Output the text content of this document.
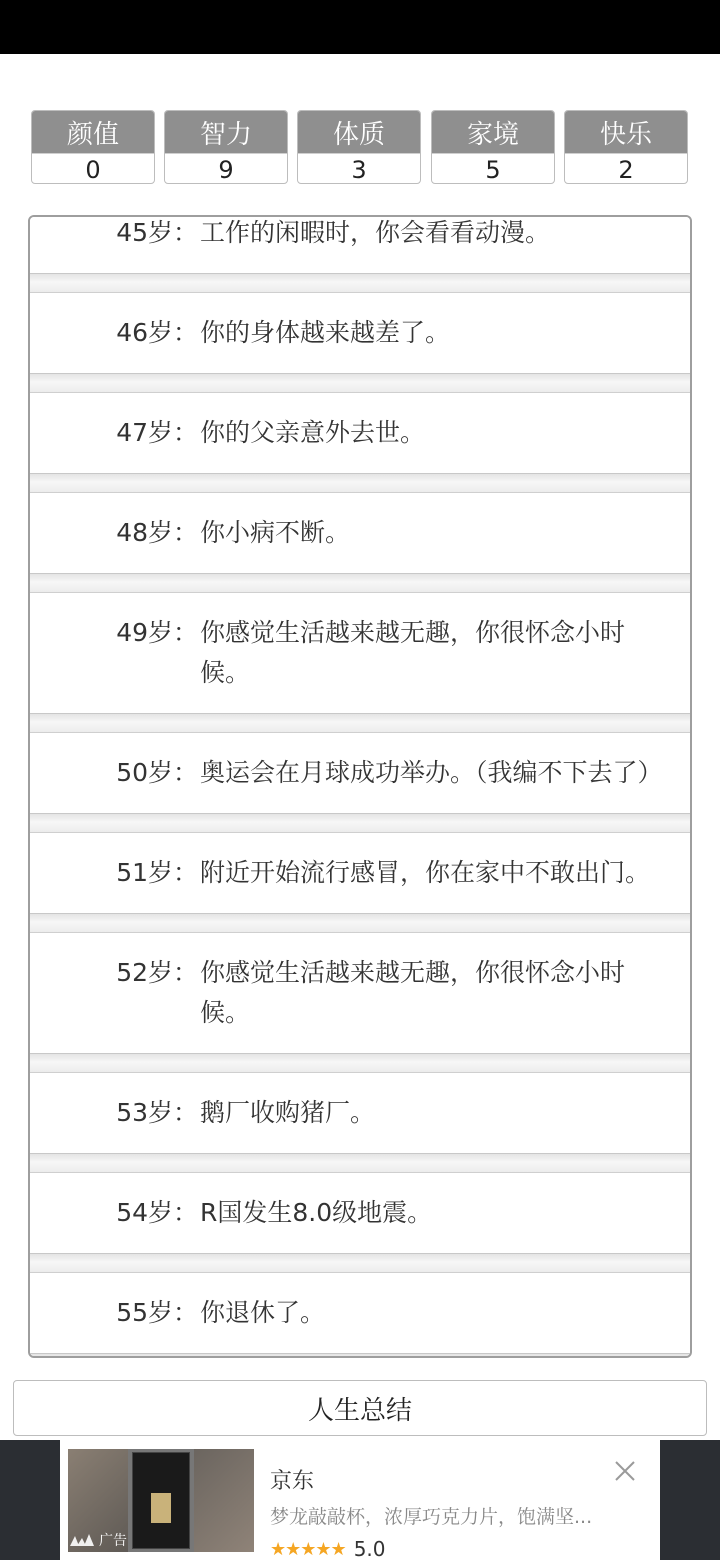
颜值
0
智力
9
体质
3
家境
5
快乐
2
45岁： 工作的闲暇时，你会看看动漫。
46岁： 你的身体越来越差了。
47岁： 你的父亲意外去世。
48岁： 你小病不断。
49岁： 你感觉生活越来越无趣，你很怀念小时候。
50岁： 奥运会在月球成功举办。（我编不下去了）
51岁： 附近开始流行感冒，你在家中不敢出门。
52岁： 你感觉生活越来越无趣，你很怀念小时候。
53岁： 鹅厂收购猪厂。
54岁： R国发生8.0级地震。
55岁： 你退休了。
人生总结
广告
京东
梦龙敲敲杯，浓厚巧克力片，饱满坚...
★★★★★ 5.0
